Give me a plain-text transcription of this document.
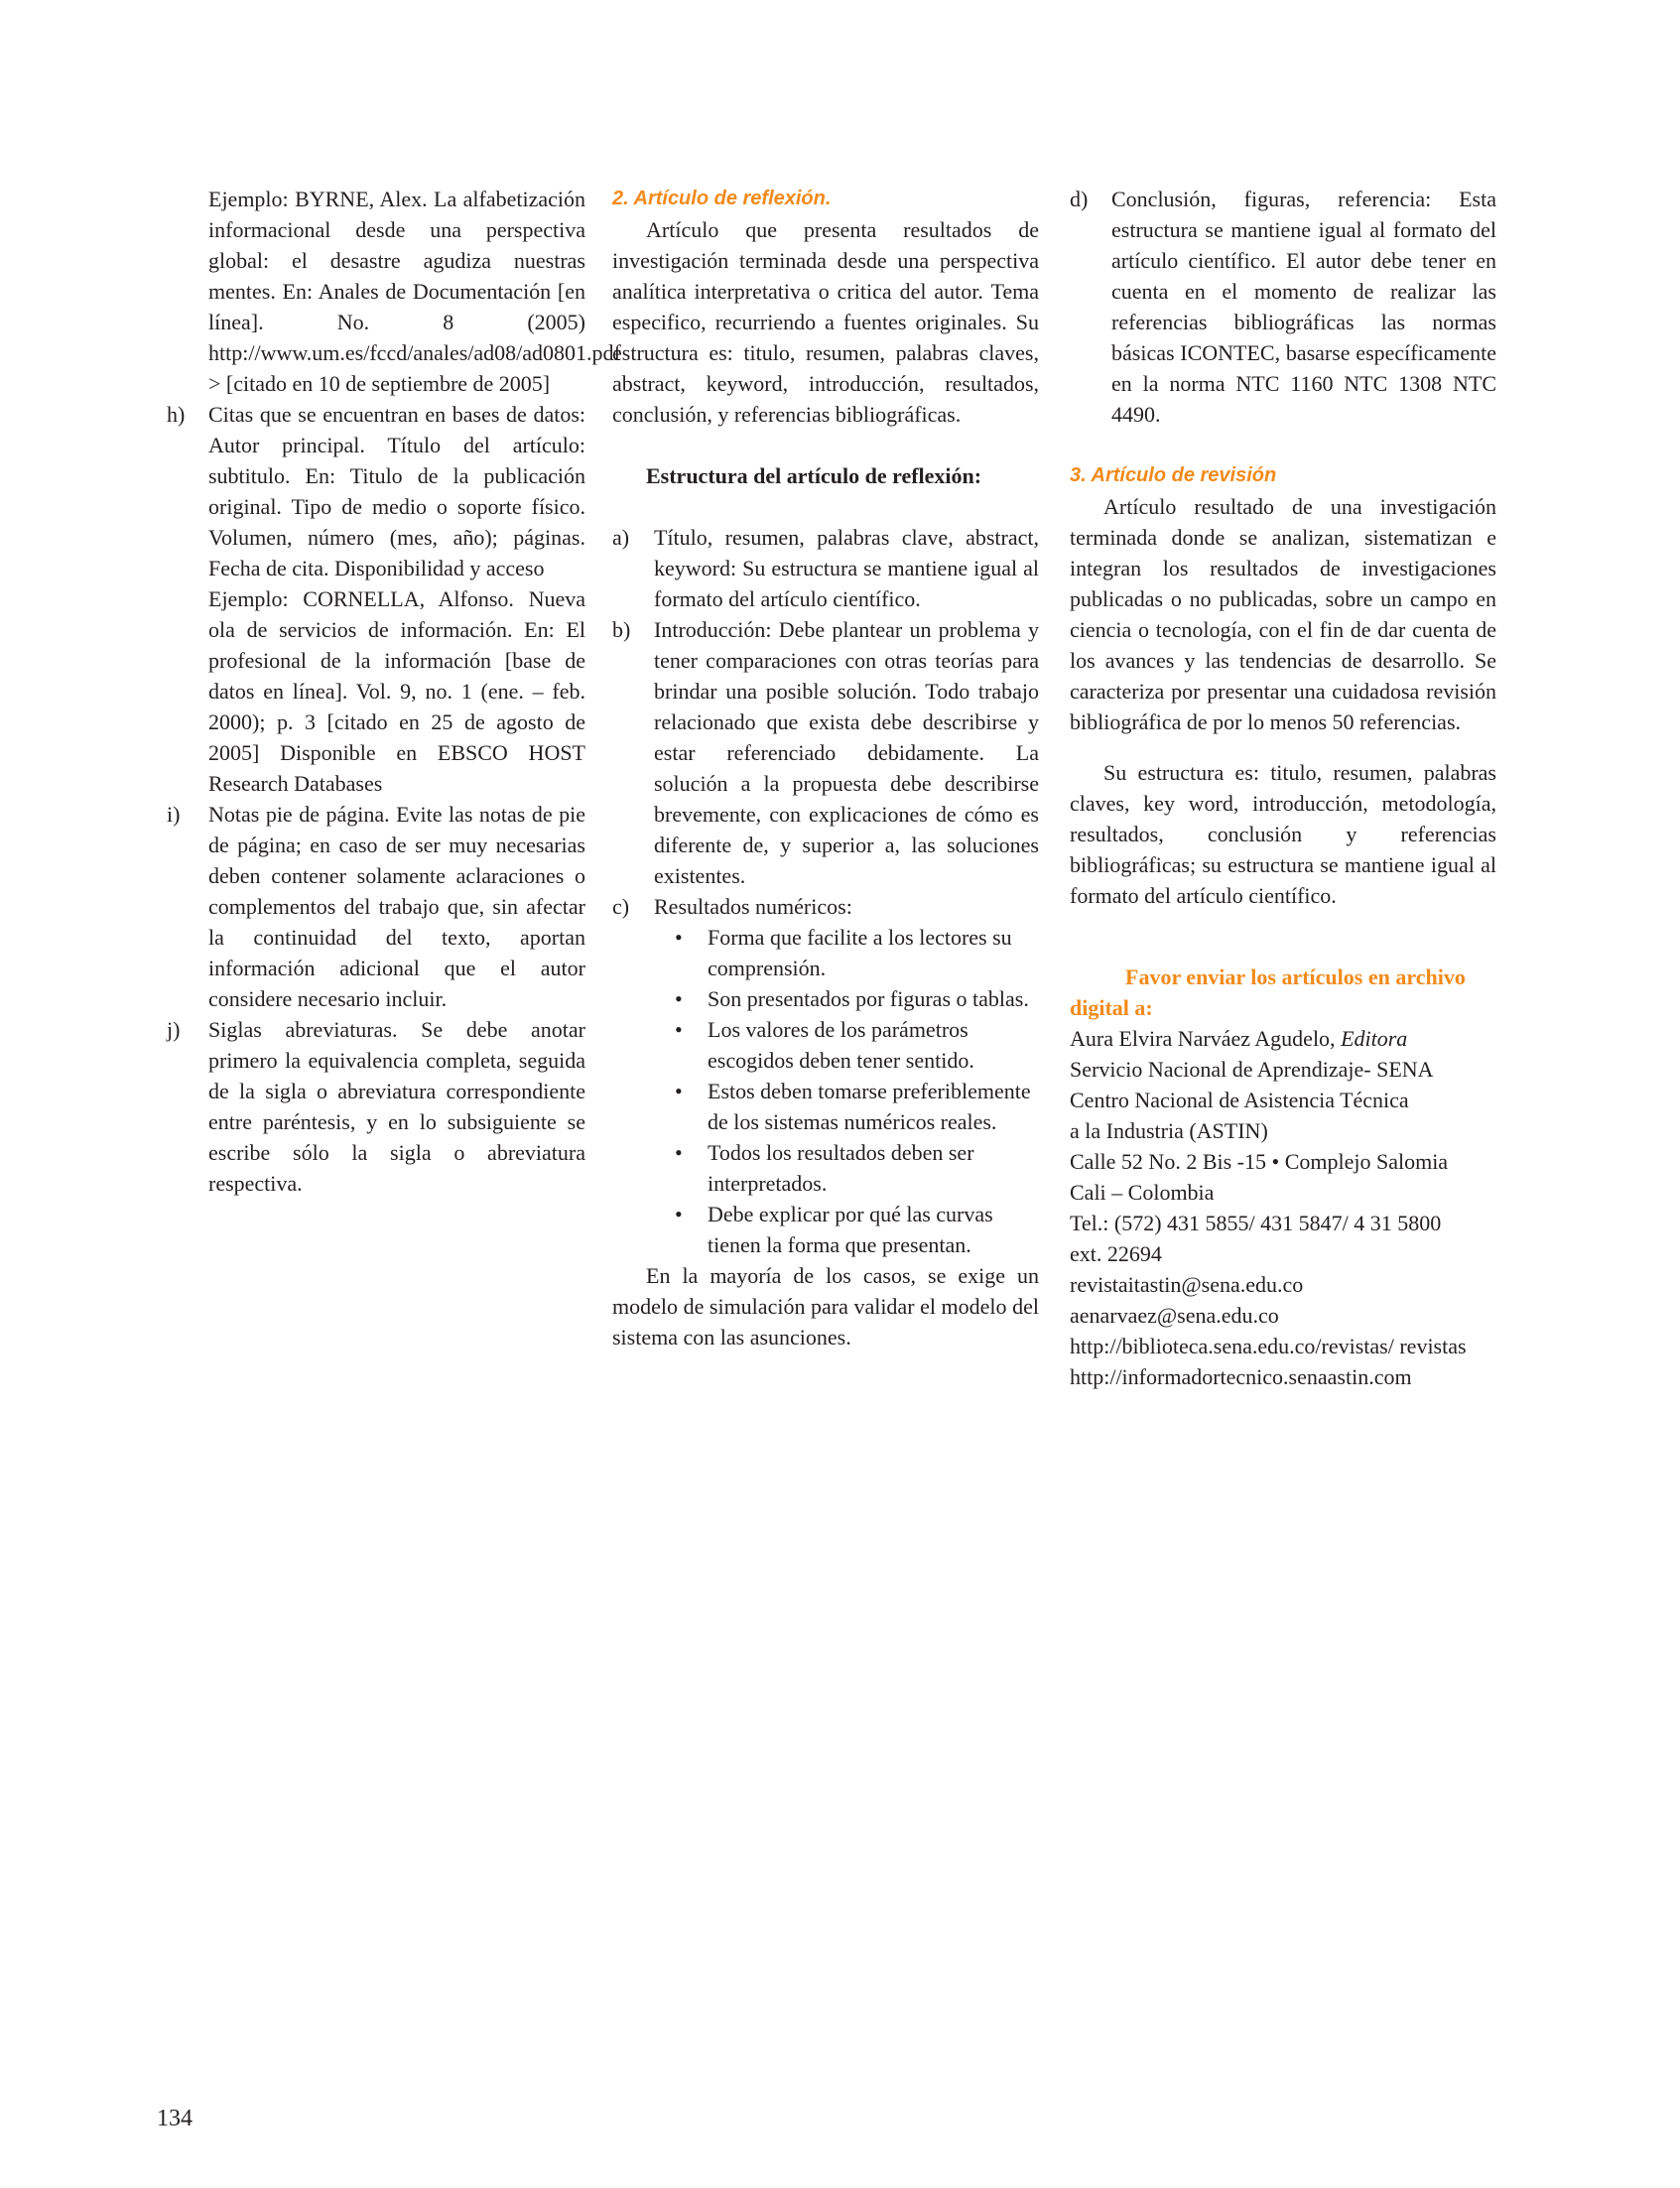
Ejemplo: BYRNE, Alex. La alfabetización informacional desde una perspectiva global: el desastre agudiza nuestras mentes. En: Anales de Documentación [en línea]. No. 8 (2005) http://www.um.es/fccd/anales/ad08/ad0801.pdf > [citado en 10 de septiembre de 2005]

h) Citas que se encuentran en bases de datos: Autor principal. Título del artículo: subtitulo. En: Titulo de la publicación original. Tipo de medio o soporte físico. Volumen, número (mes, año); páginas. Fecha de cita. Disponibilidad y acceso

Ejemplo: CORNELLA, Alfonso. Nueva ola de servicios de información. En: El profesional de la información [base de datos en línea]. Vol. 9, no. 1 (ene. – feb. 2000); p. 3 [citado en 25 de agosto de 2005] Disponible en EBSCO HOST Research Databases

i) Notas pie de página. Evite las notas de pie de página; en caso de ser muy necesarias deben contener solamente aclaraciones o complementos del trabajo que, sin afectar la continuidad del texto, aportan información adicional que el autor considere necesario incluir.
j) Siglas abreviaturas. Se debe anotar primero la equivalencia completa, seguida de la sigla o abreviatura correspondiente entre paréntesis, y en lo subsiguiente se escribe sólo la sigla o abreviatura respectiva.

2. Artículo de reflexión.

Artículo que presenta resultados de investigación terminada desde una perspectiva analítica interpretativa o critica del autor. Tema especifico, recurriendo a fuentes originales. Su estructura es: titulo, resumen, palabras claves, abstract, keyword, introducción, resultados, conclusión, y referencias bibliográficas.

Estructura del artículo de reflexión:

a) Título, resumen, palabras clave, abstract, keyword: Su estructura se mantiene igual al formato del artículo científico.
b) Introducción: Debe plantear un problema y tener comparaciones con otras teorías para brindar una posible solución. Todo trabajo relacionado que exista debe describirse y estar referenciado debidamente. La solución a la propuesta debe describirse brevemente, con explicaciones de cómo es diferente de, y superior a, las soluciones existentes.
c) Resultados numéricos:
• Forma que facilite a los lectores su comprensión.
• Son presentados por figuras o tablas.
• Los valores de los parámetros escogidos deben tener sentido.
• Estos deben tomarse preferiblemente de los sistemas numéricos reales.
• Todos los resultados deben ser interpretados.
• Debe explicar por qué las curvas tienen la forma que presentan.

En la mayoría de los casos, se exige un modelo de simulación para validar el modelo del sistema con las asunciones.

d) Conclusión, figuras, referencia: Esta estructura se mantiene igual al formato del artículo científico. El autor debe tener en cuenta en el momento de realizar las referencias bibliográficas las normas básicas ICONTEC, basarse específicamente en la norma NTC 1160 NTC 1308 NTC 4490.

3. Artículo de revisión

Artículo resultado de una investigación terminada donde se analizan, sistematizan e integran los resultados de investigaciones publicadas o no publicadas, sobre un campo en ciencia o tecnología, con el fin de dar cuenta de los avances y las tendencias de desarrollo. Se caracteriza por presentar una cuidadosa revisión bibliográfica de por lo menos 50 referencias.

Su estructura es: titulo, resumen, palabras claves, key word, introducción, metodología, resultados, conclusión y referencias bibliográficas; su estructura se mantiene igual al formato del artículo científico.

Favor enviar los artículos en archivo digital a:

Aura Elvira Narváez Agudelo, Editora

Servicio Nacional de Aprendizaje- SENA

Centro Nacional de Asistencia Técnica

a la Industria (ASTIN)

Calle 52 No. 2 Bis -15 • Complejo Salomia

Cali – Colombia

Tel.: (572) 431 5855/ 431 5847/ 4 31 5800

ext. 22694

revistaitastin@sena.edu.co

aenarvaez@sena.edu.co

http://biblioteca.sena.edu.co/revistas/ revistas

http://informadortecnico.senaastin.com

134
